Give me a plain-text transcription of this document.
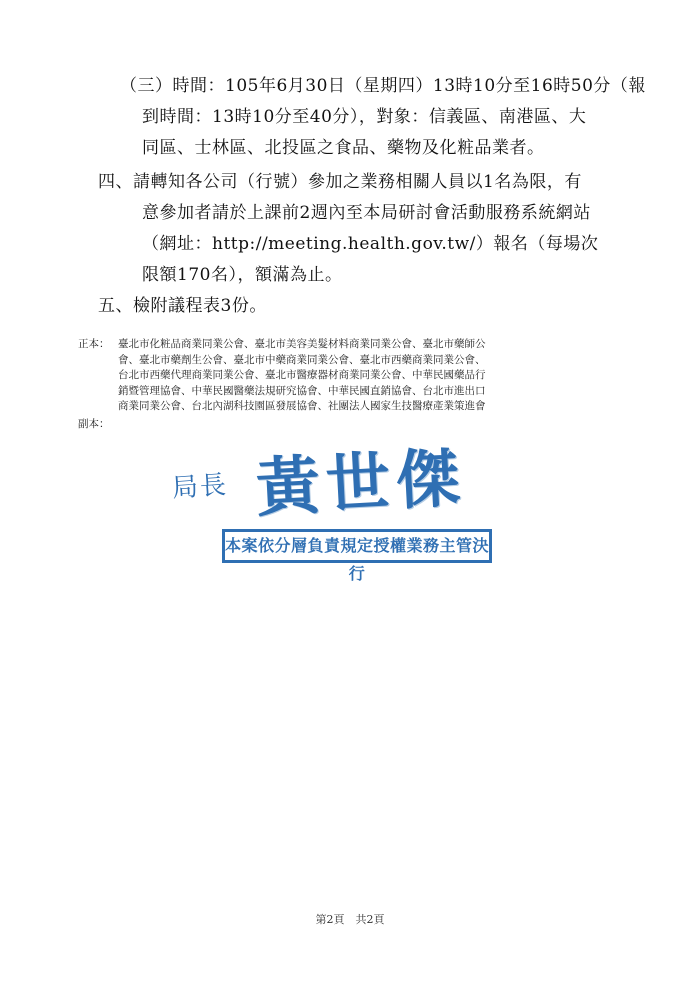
（三）時間：105年6月30日（星期四）13時10分至16時50分（報
到時間：13時10分至40分），對象：信義區、南港區、大
同區、士林區、北投區之食品、藥物及化粧品業者。
四、請轉知各公司（行號）參加之業務相關人員以1名為限，有
意參加者請於上課前2週內至本局研討會活動服務系統網站
（網址：http://meeting.health.gov.tw/）報名（每場次
限額170名），額滿為止。
五、檢附議程表3份。
正本： 臺北市化粧品商業同業公會、臺北市美容美髮材料商業同業公會、臺北市藥師公
會、臺北市藥劑生公會、臺北市中藥商業同業公會、臺北市西藥商業同業公會、
台北市西藥代理商業同業公會、臺北市醫療器材商業同業公會、中華民國藥品行
銷暨管理協會、中華民國醫藥法規研究協會、中華民國直銷協會、台北市進出口
商業同業公會、台北內湖科技園區發展協會、社團法人國家生技醫療產業策進會
副本：
局長 黃世傑
本案依分層負責規定授權業務主管決行
第2頁　共2頁
